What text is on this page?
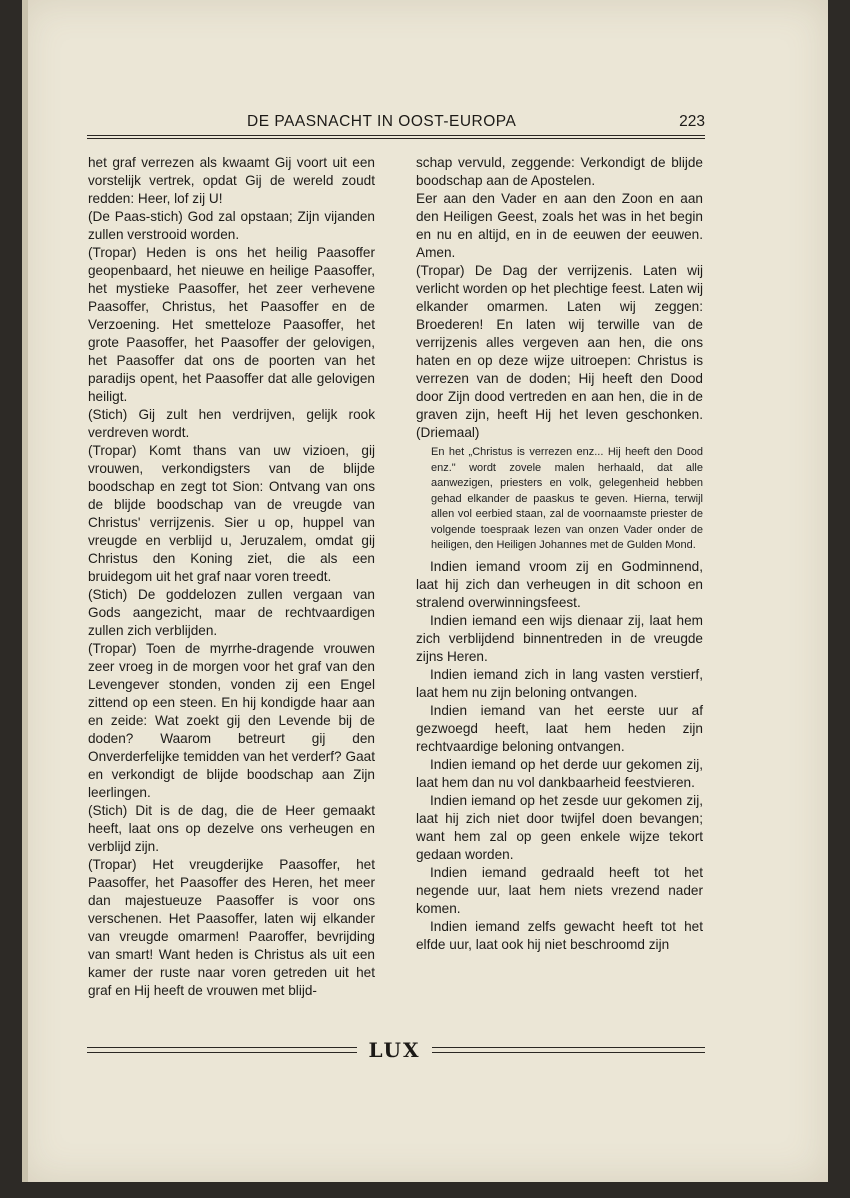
DE PAASNACHT IN OOST-EUROPA	223

het graf verrezen als kwaamt Gij voort uit een vorstelijk vertrek, opdat Gij de wereld zoudt redden: Heer, lof zij U!

(De Paas-stich) God zal opstaan; Zijn vijanden zullen verstrooid worden.

(Tropar) Heden is ons het heilig Paasoffer geopenbaard, het nieuwe en heilige Paasoffer, het mystieke Paasoffer, het zeer verhevene Paasoffer, Christus, het Paasoffer en de Verzoening. Het smetteloze Paasoffer, het grote Paasoffer, het Paasoffer der gelovigen, het Paasoffer dat ons de poorten van het paradijs opent, het Paasoffer dat alle gelovigen heiligt.

(Stich) Gij zult hen verdrijven, gelijk rook verdreven wordt.

(Tropar) Komt thans van uw vizioen, gij vrouwen, verkondigsters van de blijde boodschap en zegt tot Sion: Ontvang van ons de blijde boodschap van de vreugde van Christus' verrijzenis. Sier u op, huppel van vreugde en verblijd u, Jeruzalem, omdat gij Christus den Koning ziet, die als een bruidegom uit het graf naar voren treedt.

(Stich) De goddelozen zullen vergaan van Gods aangezicht, maar de rechtvaardigen zullen zich verblijden.

(Tropar) Toen de myrrhe-dragende vrouwen zeer vroeg in de morgen voor het graf van den Levengever stonden, vonden zij een Engel zittend op een steen. En hij kondigde haar aan en zeide: Wat zoekt gij den Levende bij de doden? Waarom betreurt gij den Onverderfelijke temidden van het verderf? Gaat en verkondigt de blijde boodschap aan Zijn leerlingen.

(Stich) Dit is de dag, die de Heer gemaakt heeft, laat ons op dezelve ons verheugen en verblijd zijn.

(Tropar) Het vreugderijke Paasoffer, het Paasoffer, het Paasoffer des Heren, het meer dan majestueuze Paasoffer is voor ons verschenen. Het Paasoffer, laten wij elkander van vreugde omarmen! Paaroffer, bevrijding van smart! Want heden is Christus als uit een kamer der ruste naar voren getreden uit het graf en Hij heeft de vrouwen met blijd-

schap vervuld, zeggende: Verkondigt de blijde boodschap aan de Apostelen.

Eer aan den Vader en aan den Zoon en aan den Heiligen Geest, zoals het was in het begin en nu en altijd, en in de eeuwen der eeuwen. Amen.

(Tropar) De Dag der verrijzenis. Laten wij verlicht worden op het plechtige feest. Laten wij elkander omarmen. Laten wij zeggen: Broederen! En laten wij terwille van de verrijzenis alles vergeven aan hen, die ons haten en op deze wijze uitroepen: Christus is verrezen van de doden; Hij heeft den Dood door Zijn dood vertreden en aan hen, die in de graven zijn, heeft Hij het leven geschonken. (Driemaal)

En het „Christus is verrezen enz... Hij heeft den Dood enz." wordt zovele malen herhaald, dat alle aanwezigen, priesters en volk, gelegenheid hebben gehad elkander de paaskus te geven. Hierna, terwijl allen vol eerbied staan, zal de voornaamste priester de volgende toespraak lezen van onzen Vader onder de heiligen, den Heiligen Johannes met de Gulden Mond.

Indien iemand vroom zij en Godminnend, laat hij zich dan verheugen in dit schoon en stralend overwinningsfeest.

Indien iemand een wijs dienaar zij, laat hem zich verblijdend binnentreden in de vreugde zijns Heren.

Indien iemand zich in lang vasten verstierf, laat hem nu zijn beloning ontvangen.

Indien iemand van het eerste uur af gezwoegd heeft, laat hem heden zijn rechtvaardige beloning ontvangen.

Indien iemand op het derde uur gekomen zij, laat hem dan nu vol dankbaarheid feestvieren.

Indien iemand op het zesde uur gekomen zij, laat hij zich niet door twijfel doen bevangen; want hem zal op geen enkele wijze tekort gedaan worden.

Indien iemand gedraald heeft tot het negende uur, laat hem niets vrezend nader komen.

Indien iemand zelfs gewacht heeft tot het elfde uur, laat ook hij niet beschroomd zijn

LUX
